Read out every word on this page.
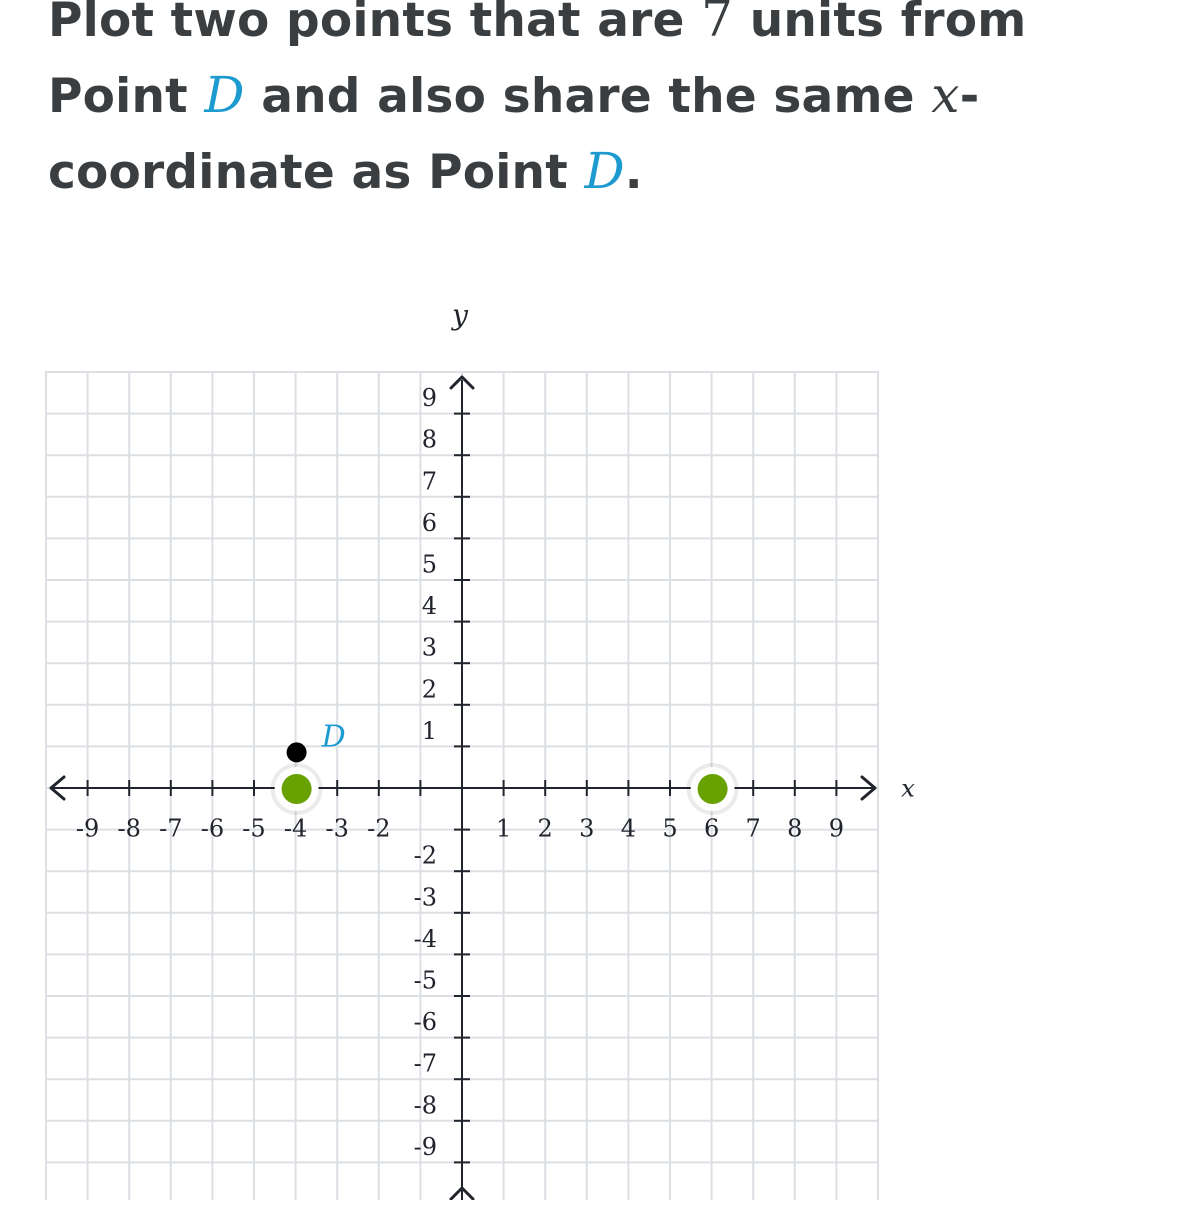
Plot two points that are 7 units from Point D and also share the same x-coordinate as Point D.

x
y
-9 -8 -7 -6 -5 -4 -3 -2	1 2 3 4 5 6 7 8 9
9
8
7
6
5
4
3
2
1
-2
-3
-4
-5
-6
-7
-8
-9
D
